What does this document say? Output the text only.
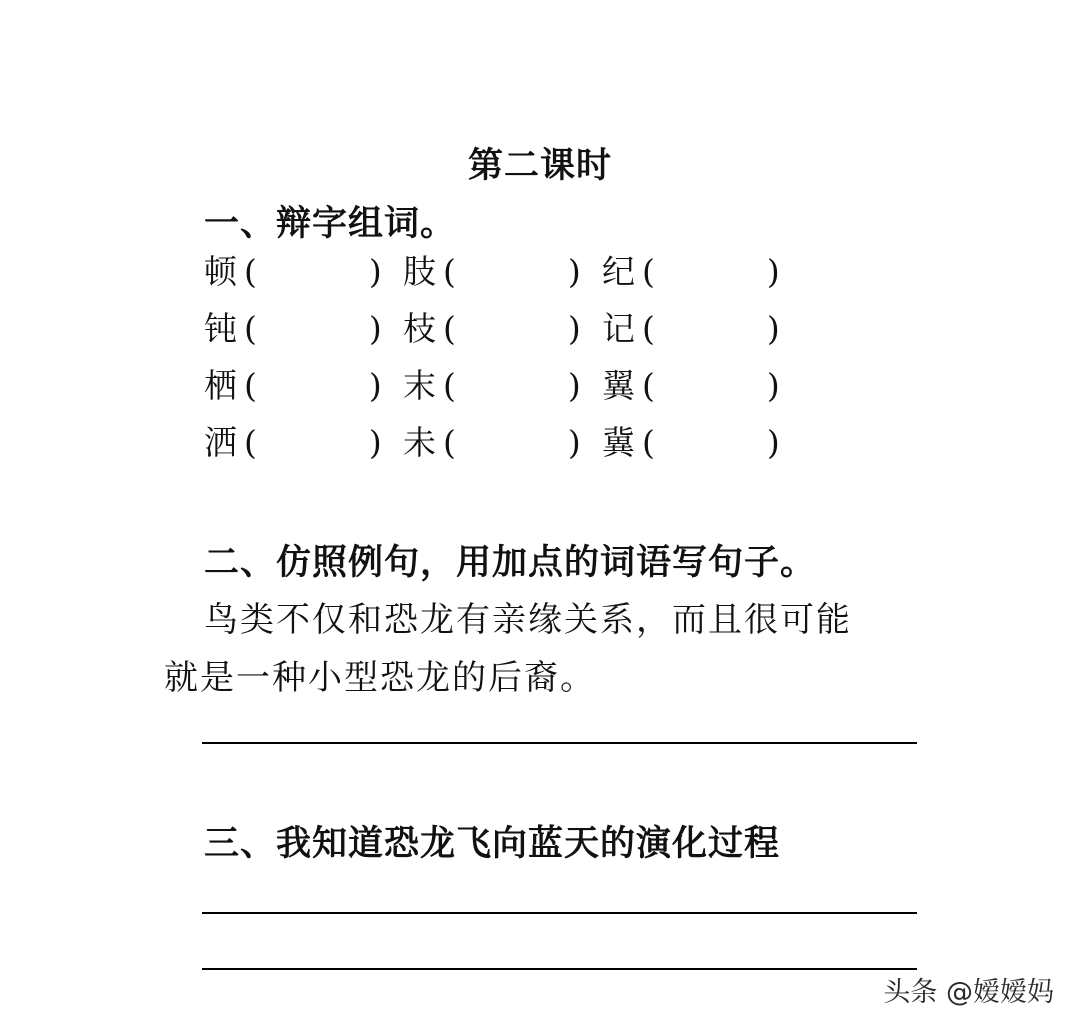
第二课时
一、辩字组词。
顿 (	) 肢 (	) 纪 (	)
钝 (	) 枝 (	) 记 (	)
栖 (	) 末 (	) 翼 (	)
洒 (	) 未 (	) 冀 (	)
二、仿照例句，用加点的词语写句子。
鸟类不仅和恐龙有亲缘关系，而且很可能
就是一种小型恐龙的后裔。
三、我知道恐龙飞向蓝天的演化过程
头条 @嫒嫒妈
